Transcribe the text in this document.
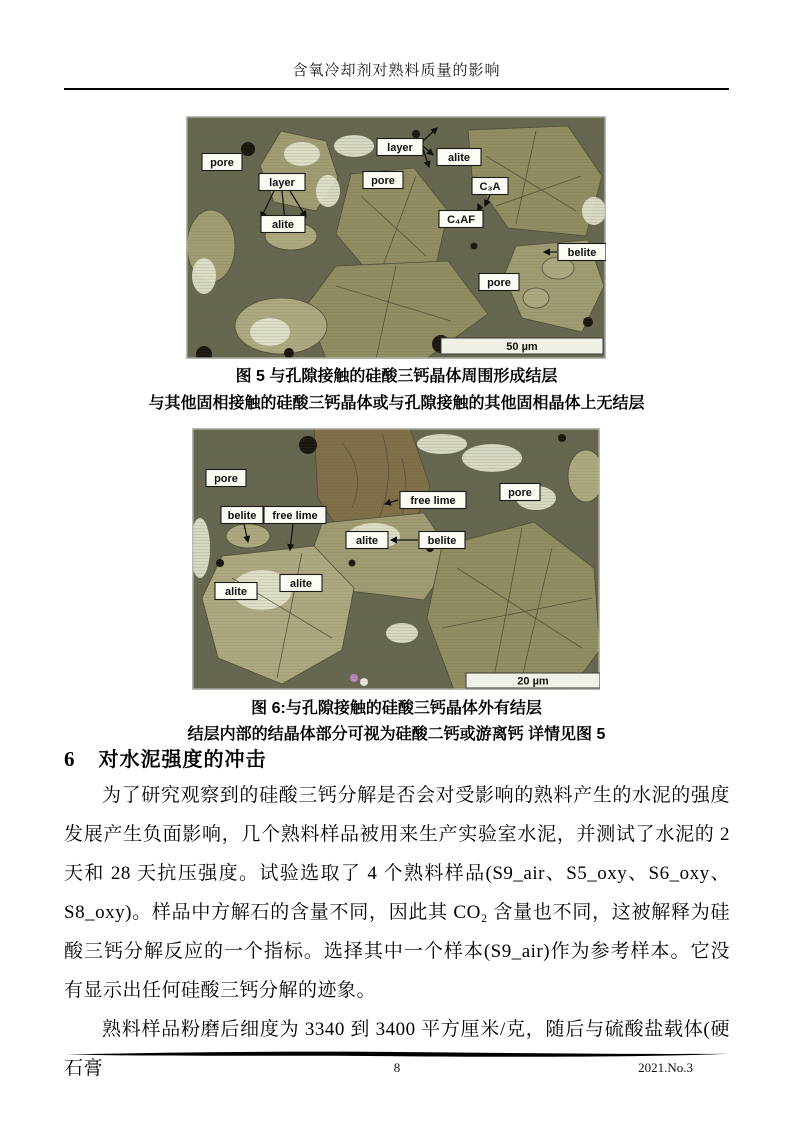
含氧冷却剂对熟料质量的影响
pore
layer
alite
pore
layer
alite
C₃A
C₄AF
belite
pore
50 µm
图 5 与孔隙接触的硅酸三钙晶体周围形成结层
与其他固相接触的硅酸三钙晶体或与孔隙接触的其他固相晶体上无结层
pore
belite free lime
free lime
pore
alite	belite
alite
alite
20 µm
图 6:与孔隙接触的硅酸三钙晶体外有结层
结层内部的结晶体部分可视为硅酸二钙或游离钙 详情见图 5
6 对水泥强度的冲击

为了研究观察到的硅酸三钙分解是否会对受影响的熟料产生的水泥的强度发展产生负面影响，几个熟料样品被用来生产实验室水泥，并测试了水泥的 2 天和 28 天抗压强度。试验选取了 4 个熟料样品(S9_air、S5_oxy、S6_oxy、S8_oxy)。样品中方解石的含量不同，因此其 CO₂ 含量也不同，这被解释为硅酸三钙分解反应的一个指标。选择其中一个样本(S9_air)作为参考样本。它没有显示出任何硅酸三钙分解的迹象。

熟料样品粉磨后细度为 3340 到 3400 平方厘米/克，随后与硫酸盐载体(硬石膏	8	2021.No.3
